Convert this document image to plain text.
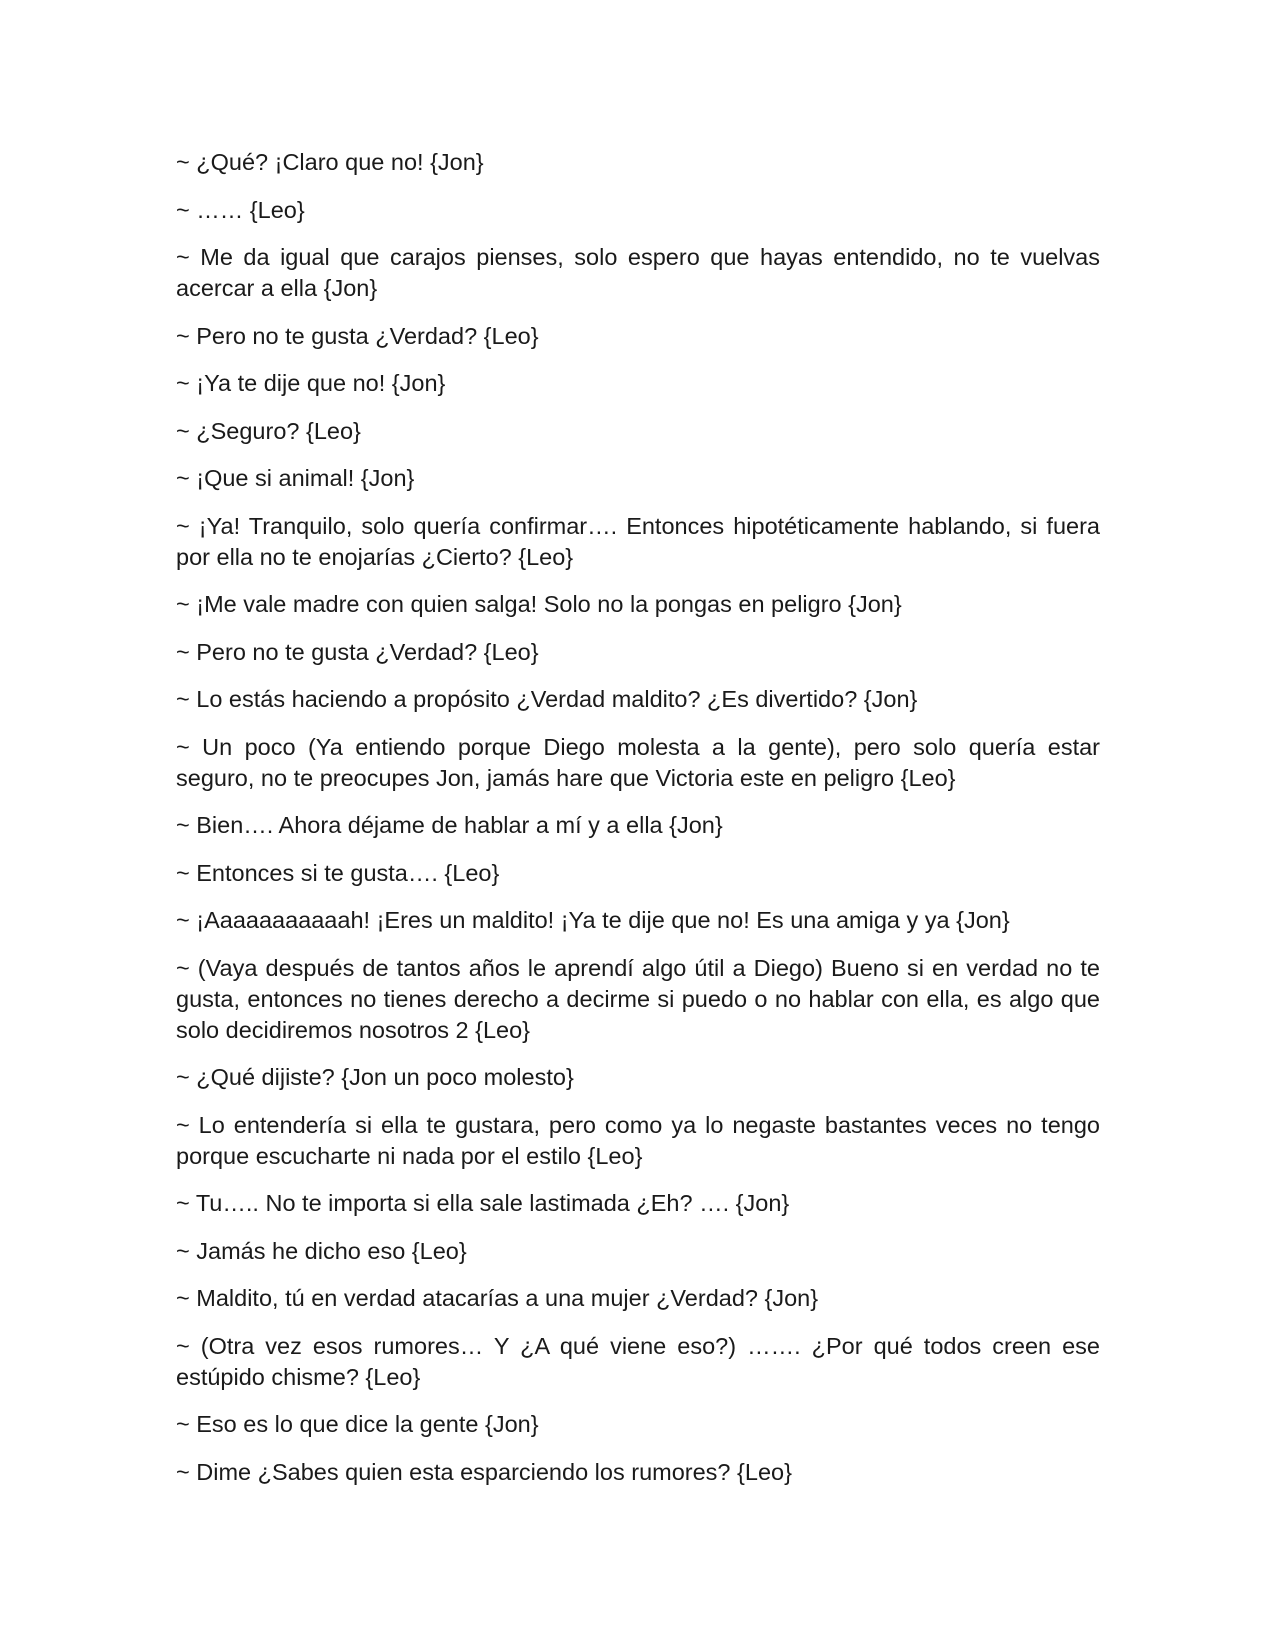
~ ¿Qué? ¡Claro que no! {Jon}

~ …… {Leo}

~ Me da igual que carajos pienses, solo espero que hayas entendido, no te vuelvas acercar a ella {Jon}

~ Pero no te gusta ¿Verdad? {Leo}

~ ¡Ya te dije que no! {Jon}

~ ¿Seguro? {Leo}

~ ¡Que si animal! {Jon}

~ ¡Ya! Tranquilo, solo quería confirmar…. Entonces hipotéticamente hablando, si fuera por ella no te enojarías ¿Cierto? {Leo}

~ ¡Me vale madre con quien salga! Solo no la pongas en peligro {Jon}

~ Pero no te gusta ¿Verdad? {Leo}

~ Lo estás haciendo a propósito ¿Verdad maldito? ¿Es divertido? {Jon}

~ Un poco (Ya entiendo porque Diego molesta a la gente), pero solo quería estar seguro, no te preocupes Jon, jamás hare que Victoria este en peligro {Leo}

~ Bien…. Ahora déjame de hablar a mí y a ella {Jon}

~ Entonces si te gusta…. {Leo}

~ ¡Aaaaaaaaaaah! ¡Eres un maldito! ¡Ya te dije que no! Es una amiga y ya {Jon}

~ (Vaya después de tantos años le aprendí algo útil a Diego) Bueno si en verdad no te gusta, entonces no tienes derecho a decirme si puedo o no hablar con ella, es algo que solo decidiremos nosotros 2 {Leo}

~ ¿Qué dijiste? {Jon un poco molesto}

~ Lo entendería si ella te gustara, pero como ya lo negaste bastantes veces no tengo porque escucharte ni nada por el estilo {Leo}

~ Tu….. No te importa si ella sale lastimada ¿Eh? …. {Jon}

~ Jamás he dicho eso {Leo}

~ Maldito, tú en verdad atacarías a una mujer ¿Verdad? {Jon}

~ (Otra vez esos rumores… Y ¿A qué viene eso?) ……. ¿Por qué todos creen ese estúpido chisme? {Leo}

~ Eso es lo que dice la gente {Jon}

~ Dime ¿Sabes quien esta esparciendo los rumores? {Leo}
